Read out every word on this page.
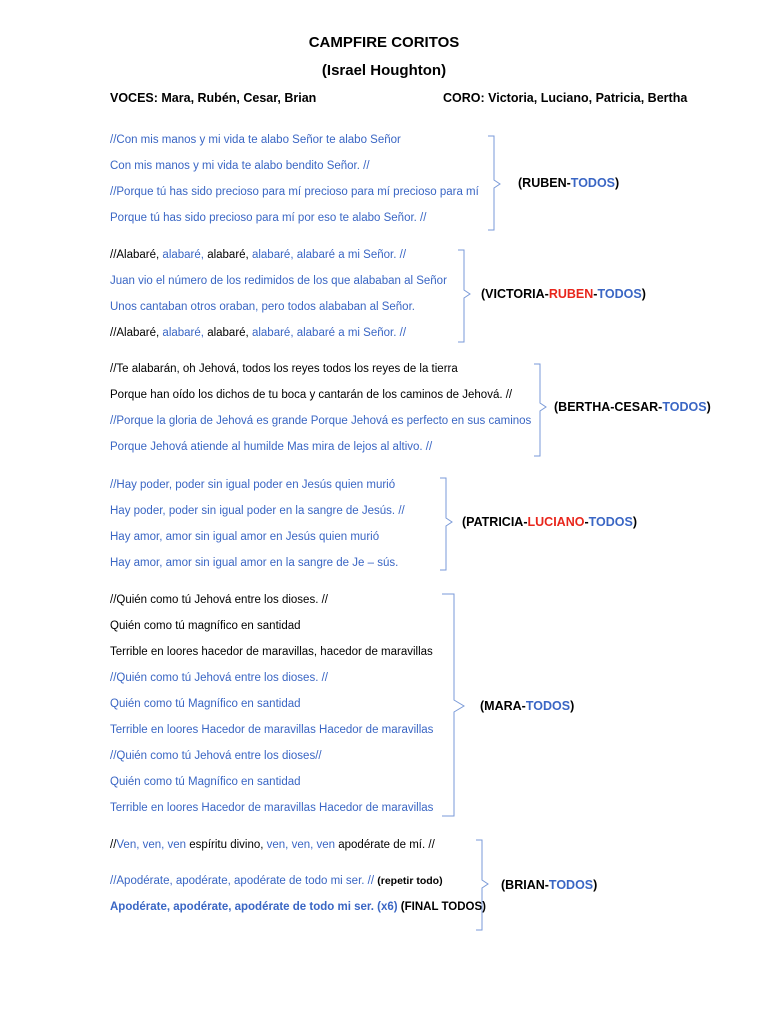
CAMPFIRE CORITOS
(Israel Houghton)
VOCES: Mara, Rubén, Cesar, Brian	CORO: Victoria, Luciano, Patricia, Bertha
//Con mis manos y mi vida te alabo Señor te alabo Señor
Con mis manos y mi vida te alabo bendito Señor. //
//Porque tú has sido precioso para mí precioso para mí precioso para mí
Porque tú has sido precioso para mí por eso te alabo Señor. //
(RUBEN-TODOS)
//Alabaré, alabaré, alabaré, alabaré, alabaré a mi Señor. //
Juan vio el número de los redimidos de los que alababan al Señor
Unos cantaban otros oraban, pero todos alababan al Señor.
//Alabaré, alabaré, alabaré, alabaré, alabaré a mi Señor. //
(VICTORIA-RUBEN-TODOS)
//Te alabarán, oh Jehová, todos los reyes todos los reyes de la tierra
Porque han oído los dichos de tu boca y cantarán de los caminos de Jehová. //
//Porque la gloria de Jehová es grande Porque Jehová es perfecto en sus caminos
Porque Jehová atiende al humilde Mas mira de lejos al altivo. //
(BERTHA-CESAR-TODOS)
//Hay poder, poder sin igual poder en Jesús quien murió
Hay poder, poder sin igual poder en la sangre de Jesús. //
Hay amor, amor sin igual amor en Jesús quien murió
Hay amor, amor sin igual amor en la sangre de Je – sús.
(PATRICIA-LUCIANO-TODOS)
//Quién como tú Jehová entre los dioses. //
Quién como tú magnífico en santidad
Terrible en loores hacedor de maravillas, hacedor de maravillas
//Quién como tú Jehová entre los dioses. //
Quién como tú Magnífico en santidad
Terrible en loores Hacedor de maravillas Hacedor de maravillas
//Quién como tú Jehová entre los dioses//
Quién como tú Magnífico en santidad
Terrible en loores Hacedor de maravillas Hacedor de maravillas
(MARA-TODOS)
//Ven, ven, ven espíritu divino, ven, ven, ven apodérate de mí. //
//Apodérate, apodérate, apodérate de todo mi ser. // (repetir todo)
Apodérate, apodérate, apodérate de todo mi ser. (x6) (FINAL TODOS)
(BRIAN-TODOS)
